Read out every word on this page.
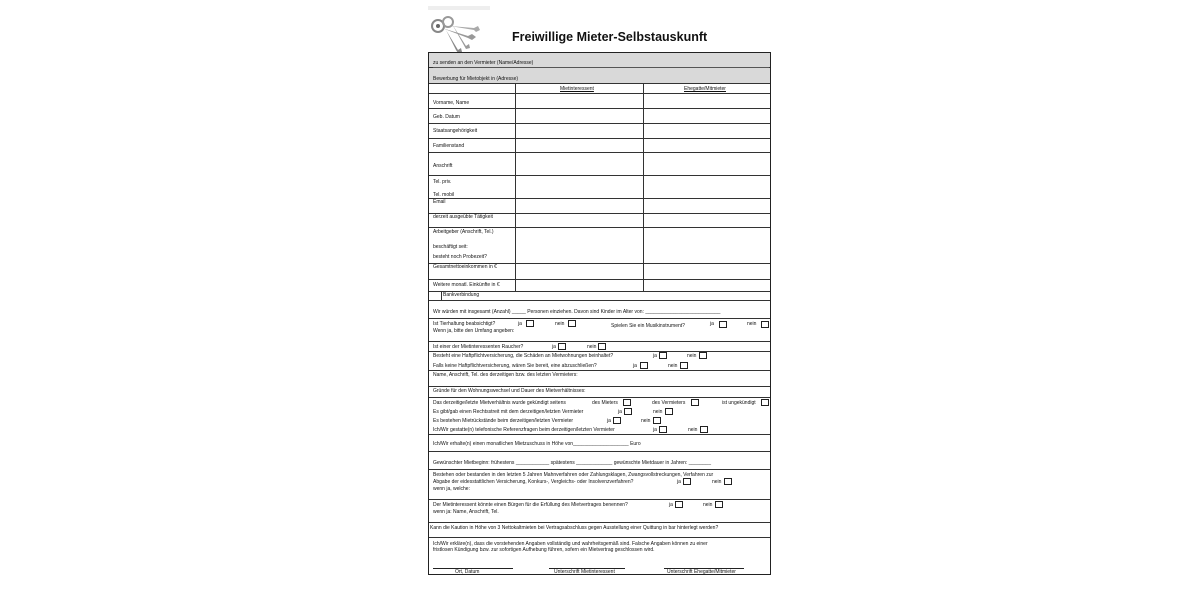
Freiwillige Mieter-Selbstauskunft
zu senden an den Vermieter (Name/Adresse)
Bewerbung für Mietobjekt in (Adresse)
Mietinteressent	Ehegatte/Mitmieter
Vorname, Name
Geb. Datum
Staatsangehörigkeit
Familienstand
Anschrift
Tel. priv.
Tel. mobil
Email
derzeit ausgeübte Tätigkeit
Arbeitgeber (Anschrift, Tel.)
beschäftigt seit:
besteht noch Probezeit?
Gesamtnettoeinkommen in €
Weitere monatl. Einkünfte in €
Bankverbindung
Wir würden mit insgesamt (Anzahl) _____ Personen einziehen. Davon sind Kinder im Alter von: ___________________________
Ist Tierhaltung beabsichtigt?	ja	nein
Wenn ja, bitte den Umfang angeben:
Spielen Sie ein Musikinstrument?	ja	nein
Ist einer der Mietinteressenten Raucher?	ja	nein
Besteht eine Haftpflichtversicherung, die Schäden an Mietwohnungen beinhaltet?	ja	nein
Falls keine Haftpflichtversicherung, wären Sie bereit, eine abzuschließen?	ja	nein
Name, Anschrift, Tel. des derzeitigen bzw. des letzten Vermieters:
Gründe für den Wohnungswechsel und Dauer des Mietverhältnisses:
Das derzeitige/letzte Mietverhältnis wurde gekündigt seitens	des Mieters	des Vermieters	ist ungekündigt
Es gibt/gab einen Rechtsstreit mit dem derzeitigen/letzten Vermieter	ja	nein
Es bestehen Mietrückstände beim derzeitigen/letzten Vermieter	ja	nein
Ich/Wir gestatte(n) telefonische Referenzfragen beim derzeitigen/letzten Vermieter	ja	nein
Ich/Wir erhalte(n) einen monatlichen Mietzuschuss in Höhe von____________________ Euro
Gewünschter Mietbeginn: frühestens ____________ spätestens _____________ gewünschte Mietdauer in Jahren: ________
Bestehen oder bestanden in den letzten 5 Jahren Mahnverfahren oder Zahlungsklagen, Zwangsvollstreckungen, Verfahren zur
Abgabe der eidesstattlichen Versicherung, Konkurs-, Vergleichs- oder Insolvenzverfahren?	ja	nein
wenn ja, welche:
Der Mietinteressent könnte einen Bürgen für die Erfüllung des Mietvertrages benennen?	ja	nein
wenn ja: Name, Anschrift, Tel.
Kann die Kaution in Höhe von 3 Nettokaltmieten bei Vertragsabschluss gegen Ausstellung einer Quittung in bar hinterlegt werden?
Ich/Wir erkläre(n), dass die vorstehenden Angaben vollständig und wahrheitsgemäß sind. Falsche Angaben können zu einer
fristlosen Kündigung bzw. zur sofortigen Aufhebung führen, sofern ein Mietvertrag geschlossen wird.
Ort, Datum	Unterschrift Mietinteressent	Unterschrift Ehegatte/Mitmieter
